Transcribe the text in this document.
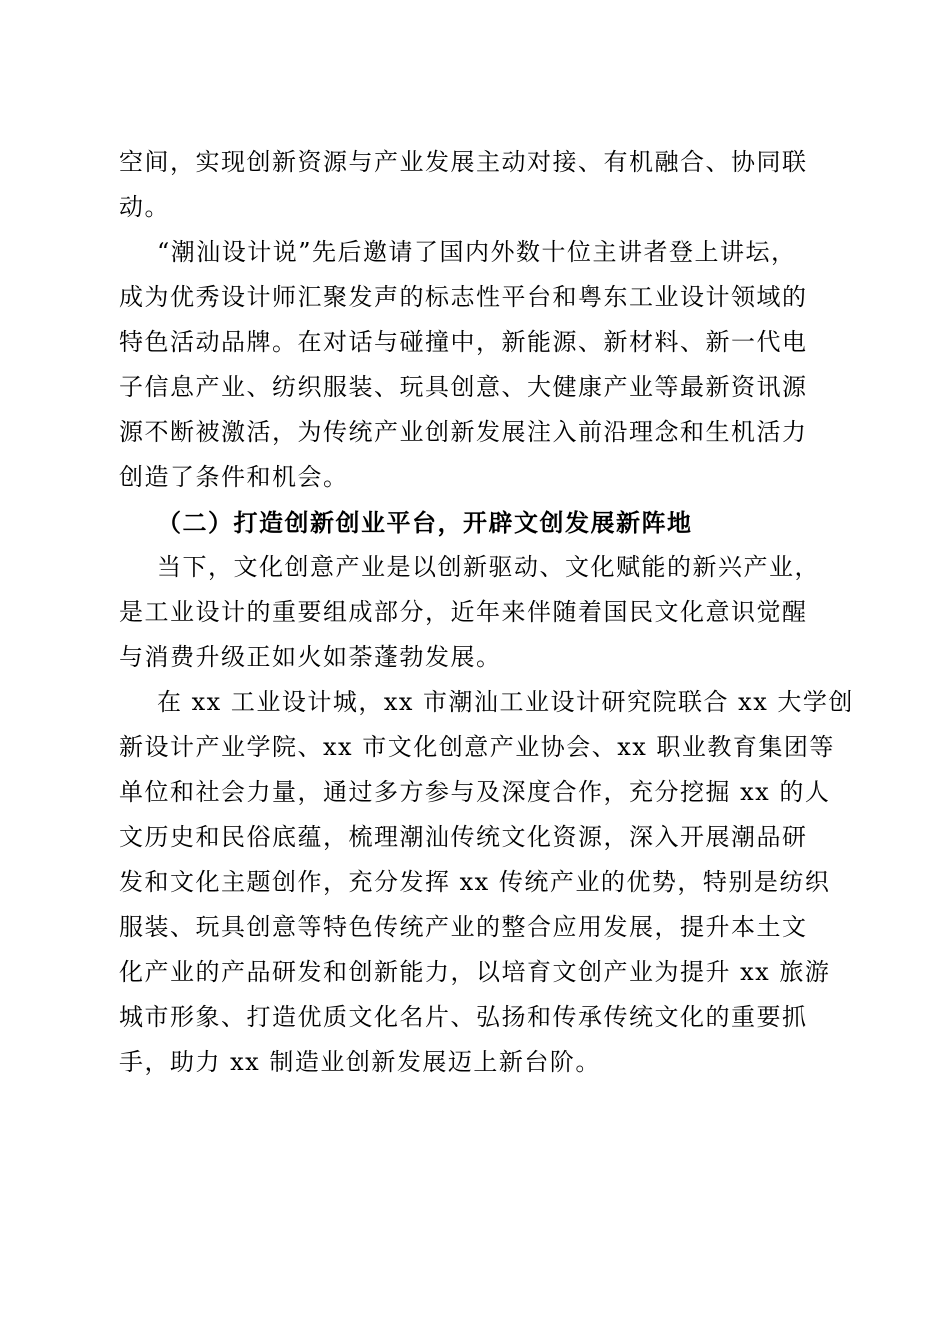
空间，实现创新资源与产业发展主动对接、有机融合、协同联
动。
“潮汕设计说”先后邀请了国内外数十位主讲者登上讲坛，
成为优秀设计师汇聚发声的标志性平台和粤东工业设计领域的
特色活动品牌。在对话与碰撞中，新能源、新材料、新一代电
子信息产业、纺织服装、玩具创意、大健康产业等最新资讯源
源不断被激活，为传统产业创新发展注入前沿理念和生机活力
创造了条件和机会。
（二）打造创新创业平台，开辟文创发展新阵地
当下，文化创意产业是以创新驱动、文化赋能的新兴产业，
是工业设计的重要组成部分，近年来伴随着国民文化意识觉醒
与消费升级正如火如荼蓬勃发展。
在 xx 工业设计城，xx 市潮汕工业设计研究院联合 xx 大学创
新设计产业学院、xx 市文化创意产业协会、xx 职业教育集团等
单位和社会力量，通过多方参与及深度合作，充分挖掘 xx 的人
文历史和民俗底蕴，梳理潮汕传统文化资源，深入开展潮品研
发和文化主题创作，充分发挥 xx 传统产业的优势，特别是纺织
服装、玩具创意等特色传统产业的整合应用发展，提升本土文
化产业的产品研发和创新能力，以培育文创产业为提升 xx 旅游
城市形象、打造优质文化名片、弘扬和传承传统文化的重要抓
手，助力 xx 制造业创新发展迈上新台阶。
